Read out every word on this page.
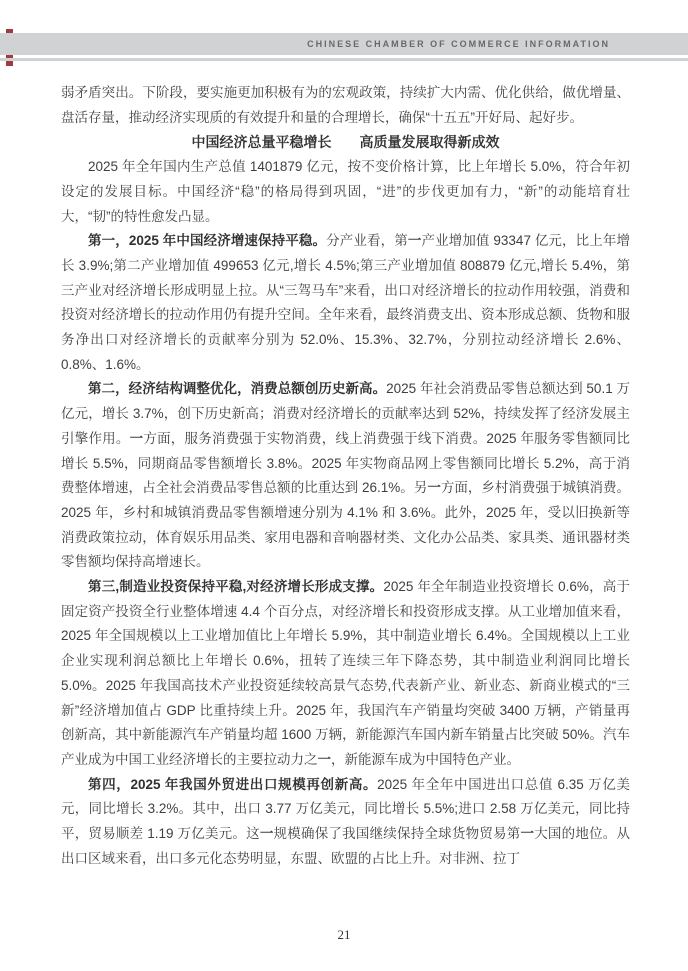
CHINESE CHAMBER OF COMMERCE INFORMATION

弱矛盾突出。下阶段，要实施更加积极有为的宏观政策，持续扩大内需、优化供给，做优增量、盘活存量，推动经济实现质的有效提升和量的合理增长，确保“十五五”开好局、起好步。

中国经济总量平稳增长　　高质量发展取得新成效

2025 年全年国内生产总值 1401879 亿元，按不变价格计算，比上年增长 5.0%，符合年初设定的发展目标。中国经济“稳”的格局得到巩固，“进”的步伐更加有力，“新”的动能培育壮大，“韧”的特性愈发凸显。

第一，2025 年中国经济增速保持平稳。分产业看，第一产业增加值 93347 亿元，比上年增长 3.9%;第二产业增加值 499653 亿元,增长 4.5%;第三产业增加值 808879 亿元,增长 5.4%，第三产业对经济增长形成明显上拉。从“三驾马车”来看，出口对经济增长的拉动作用较强，消费和投资对经济增长的拉动作用仍有提升空间。全年来看，最终消费支出、资本形成总额、货物和服务净出口对经济增长的贡献率分别为 52.0%、15.3%、32.7%，分别拉动经济增长 2.6%、0.8%、1.6%。

第二，经济结构调整优化，消费总额创历史新高。2025 年社会消费品零售总额达到 50.1 万亿元，增长 3.7%，创下历史新高；消费对经济增长的贡献率达到 52%，持续发挥了经济发展主引擎作用。一方面，服务消费强于实物消费，线上消费强于线下消费。2025 年服务零售额同比增长 5.5%，同期商品零售额增长 3.8%。2025 年实物商品网上零售额同比增长 5.2%，高于消费整体增速，占全社会消费品零售总额的比重达到 26.1%。另一方面，乡村消费强于城镇消费。2025 年，乡村和城镇消费品零售额增速分别为 4.1% 和 3.6%。此外，2025 年，受以旧换新等消费政策拉动，体育娱乐用品类、家用电器和音响器材类、文化办公品类、家具类、通讯器材类零售额均保持高增速长。

第三,制造业投资保持平稳,对经济增长形成支撑。2025 年全年制造业投资增长 0.6%，高于固定资产投资全行业整体增速 4.4 个百分点，对经济增长和投资形成支撑。从工业增加值来看，2025 年全国规模以上工业增加值比上年增长 5.9%，其中制造业增长 6.4%。全国规模以上工业企业实现利润总额比上年增长 0.6%，扭转了连续三年下降态势，其中制造业利润同比增长 5.0%。2025 年我国高技术产业投资延续较高景气态势,代表新产业、新业态、新商业模式的“三新”经济增加值占 GDP 比重持续上升。2025 年，我国汽车产销量均突破 3400 万辆，产销量再创新高，其中新能源汽车产销量均超 1600 万辆，新能源汽车国内新车销量占比突破 50%。汽车产业成为中国工业经济增长的主要拉动力之一，新能源车成为中国特色产业。

第四，2025 年我国外贸进出口规模再创新高。2025 年全年中国进出口总值 6.35 万亿美元，同比增长 3.2%。其中，出口 3.77 万亿美元，同比增长 5.5%;进口 2.58 万亿美元，同比持平，贸易顺差 1.19 万亿美元。这一规模确保了我国继续保持全球货物贸易第一大国的地位。从出口区域来看，出口多元化态势明显，东盟、欧盟的占比上升。对非洲、拉丁

21
